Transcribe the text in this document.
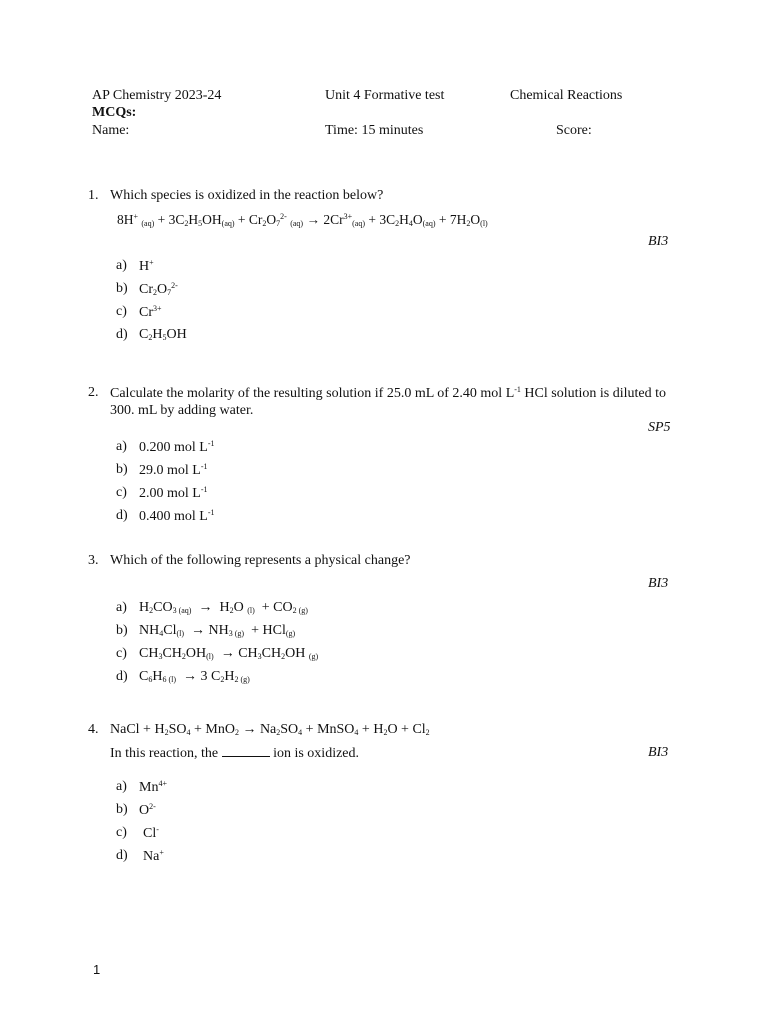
AP Chemistry 2023-24	Unit 4 Formative test	Chemical Reactions
MCQs:
Name:	Time: 15 minutes	Score:
1. Which species is oxidized in the reaction below?
8H+ $_{(aq)} + 3C_2H_5OH_{(aq)} + Cr_2O_7^{2-}$ $_{(aq)} \to 2Cr^{3+}_{(aq)} + 3C_2H_4O_{(aq)} + 7H_2O_{(l)}$
BI3
a) H+
b) $Cr_2O_7^{2-}$
c) $Cr^{3+}$
d) $C_2H_5OH$
2. Calculate the molarity of the resulting solution if 25.0 mL of 2.40 mol $L^{-1}$ HCl solution is diluted to
300. mL by adding water.
SP5
a) 0.200 mol $L^{-1}$
b) 29.0 mol $L^{-1}$
c) 2.00 mol $L^{-1}$
d) 0.400 mol $L^{-1}$
3. Which of the following represents a physical change?
BI3
a) $H_2CO_{3 (aq)} \to H_2O$ $_{(l)} + CO_{2 (g)}$
b) $NH_4Cl_{(l)} \to NH_{3 (g)} + HCl_{(g)}$
c) $CH_3CH_2OH_{(l)} \to CH_3CH_2OH$ $_{(g)}$
d) $C_6H_{6 (l)} \to 3$ $C_2H_{2 (g)}$
4. NaCl + $H_2SO_4 + MnO_2 \to Na_2SO_4$ + MnSO$_4$ + $H_2O + Cl_2$
In this reaction, the	ion is oxidized.	BI3
a) $Mn^{4+}$
b) $O^{2-}$
c) Cl-
d) Na+
1
